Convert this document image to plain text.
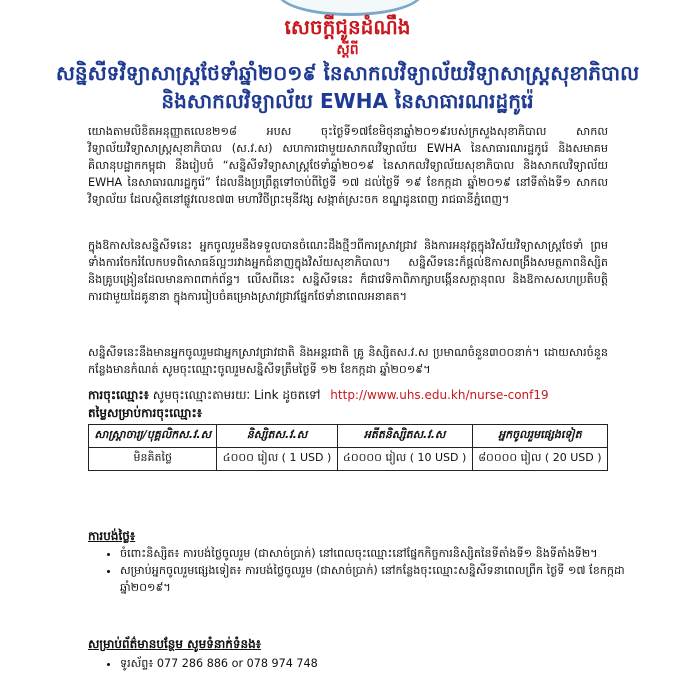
សេចក្តីជូនដំណឹង
ស្តីពី
សន្និសីទវិទ្យាសាស្ត្រថែទាំឆ្នាំ២០១៩ នៃសាកលវិទ្យាល័យវិទ្យាសាស្ត្រសុខាភិបាល
និងសាកលវិទ្យាល័យ EWHA នៃសាធារណរដ្ឋកូរ៉េ
យោងតាមលិខិតអនុញ្ញាតលេខ២១៨ អបស ចុះថ្ងៃទី១៧ខែមិថុនាឆ្នាំ២០១៩របស់ក្រសួងសុខាភិបាល សាកលវិទ្យាល័យវិទ្យាសាស្ត្រសុខាភិបាល (ស.វ.ស) សហការជាមួយសាកលវិទ្យាល័យ EWHA នៃសាធារណរដ្ឋកូរ៉េ និងសមាគមគិលានុបដ្ឋាកកម្ពុជា នឹងរៀបចំ “សន្និសីទវិទ្យាសាស្ត្រថែទាំឆ្នាំ២០១៩ នៃសាកលវិទ្យាល័យសុខាភិបាល និងសាកលវិទ្យាល័យ EWHA នៃសាធារណរដ្ឋកូរ៉េ” ដែលនឹងប្រព្រឹត្តទៅចាប់ពីថ្ងៃទី ១៧ ដល់ថ្ងៃទី ១៩ ខែកក្កដា ឆ្នាំ២០១៩ នៅទីតាំងទី១ សាកលវិទ្យាល័យ ដែលស្ថិតនៅផ្លូវលេខ៧៣ មហាវិថីព្រះមុនីវង្ស សង្កាត់ស្រះចក ខណ្ឌដូនពេញ រាជធានីភ្នំពេញ។
ក្នុងឱកាសនៃសន្និសីទនេះ អ្នកចូលរួមនឹងទទួលបានចំណេះដឹងថ្មីៗពីការស្រាវជ្រាវ និងការអនុវត្តក្នុងវិស័យវិទ្យាសាស្ត្រថែទាំ ព្រមទាំងការចែករំលែកបទពិសោធន៍ល្អៗរវាងអ្នកជំនាញក្នុងវិស័យសុខាភិបាល។ សន្និសីទនេះក៏ផ្តល់ឱកាសពង្រឹងសមត្ថភាពនិស្សិត និងគ្រូបង្រៀនដែលមានភាពពាក់ព័ន្ធ។ លើសពីនេះ សន្និសីទនេះ ក៏ជាវេទិកាពិភាក្សាបង្កើនសក្តានុពល និងឱកាសសហប្រតិបត្តិការជាមួយដៃគូនានា ក្នុងការរៀបចំគម្រោងស្រាវជ្រាវផ្នែកថែទាំនាពេលអនាគត។
សន្និសីទនេះនឹងមានអ្នកចូលរួមជាអ្នកស្រាវជ្រាវជាតិ និងអន្តរជាតិ គ្រូ និស្សិតស.វ.ស ប្រមាណចំនួន៣០០នាក់។ ដោយសារចំនួនកន្លែងមានកំណត់ សូមចុះឈ្មោះចូលរួមសន្និសីទត្រឹមថ្ងៃទី ១២ ខែកក្កដា ឆ្នាំ២០១៩។
ការចុះឈ្មោះ៖ សូមចុះឈ្មោះតាមរយៈ Link ដូចតទៅ http://www.uhs.edu.kh/nurse-conf19
តម្លៃសម្រាប់ការចុះឈ្មោះ៖
សាស្ត្រាចារ្យ/បុគ្គលិកស.វ.ស	និស្សិតស.វ.ស	អតីតនិស្សិតស.វ.ស	អ្នកចូលរួមផ្សេងទៀត
មិនគិតថ្លៃ	៤០០០ រៀល ( 1 USD )	៤០០០០ រៀល ( 10 USD )	៨០០០០ រៀល ( 20 USD )
ការបង់ថ្លៃ៖
• ចំពោះនិស្សិត៖ ការបង់ថ្លៃចូលរួម (ជាសាច់ប្រាក់) នៅពេលចុះឈ្មោះនៅផ្នែកកិច្ចការនិស្សិតនៃទីតាំងទី១ និងទីតាំងទី២។
• សម្រាប់អ្នកចូលរួមផ្សេងទៀត៖ ការបង់ថ្លៃចូលរួម (ជាសាច់ប្រាក់) នៅកន្លែងចុះឈ្មោះសន្និសីទនាពេលព្រឹក ថ្ងៃទី ១៧ ខែកក្កដា ឆ្នាំ២០១៩។
សម្រាប់ព័ត៌មានបន្ថែម សូមទំនាក់ទំនង៖
• ទូរស័ព្ទ៖ 077 286 886 or 078 974 748
